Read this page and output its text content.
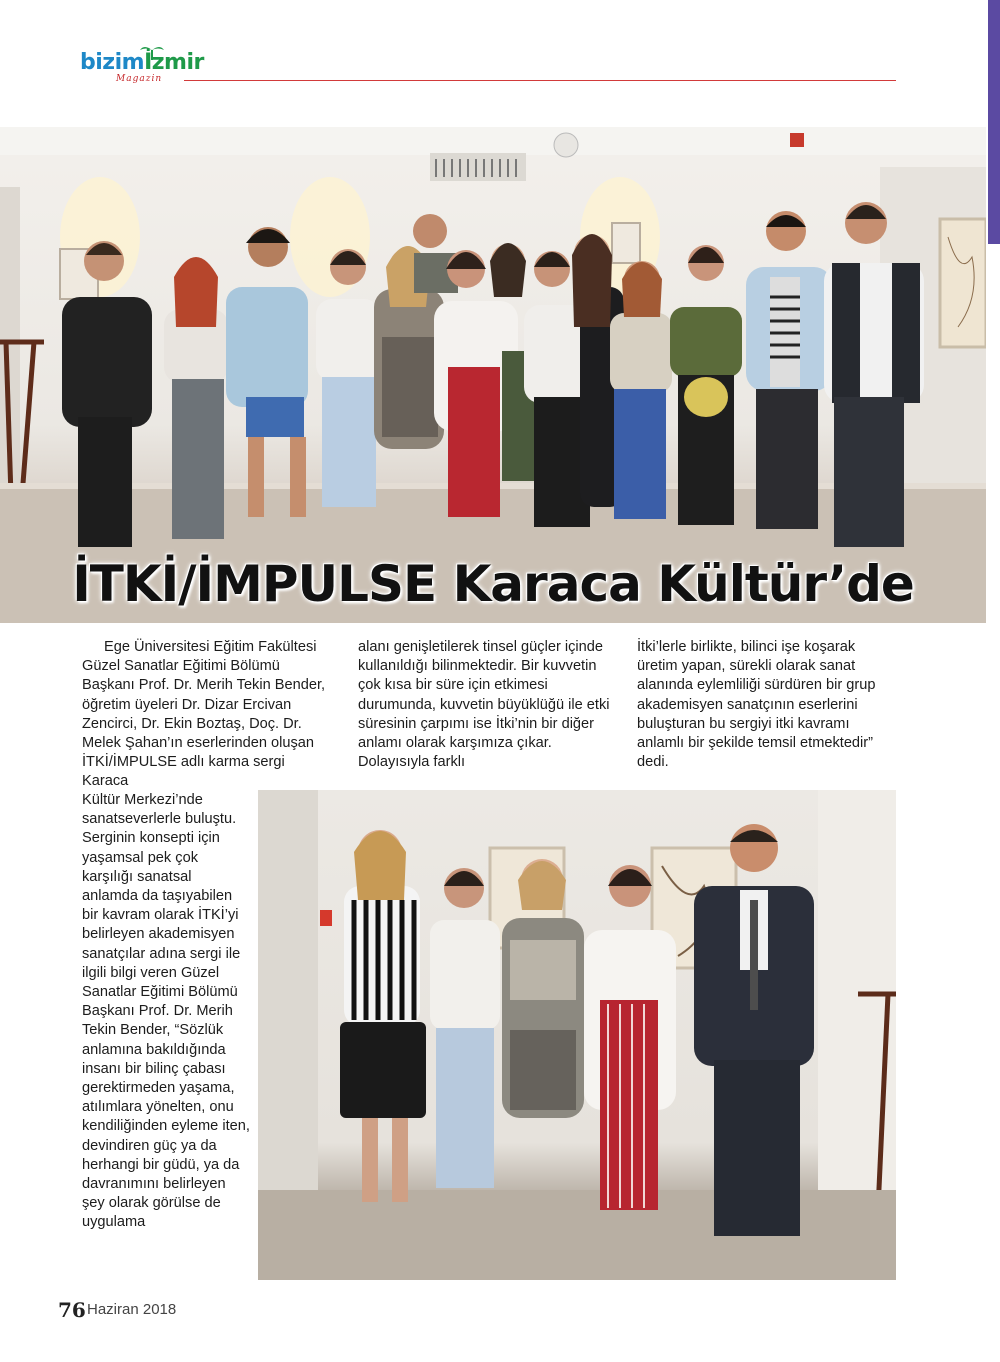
bizimİzmir
Magazin
İTKİ/İMPULSE Karaca Kültür’de

Ege Üniversitesi Eğitim Fakültesi Güzel Sanatlar Eğitimi Bölümü Başkanı Prof. Dr. Merih Tekin Bender, öğretim üyeleri Dr. Dizar Ercivan Zencirci, Dr. Ekin Boztaş, Doç. Dr. Melek Şahan’ın eserlerinden oluşan İTKİ/İMPULSE adlı karma sergi Karaca

Kültür Merkezi’nde sanatseverlerle buluştu. Serginin konsepti için yaşamsal pek çok karşılığı sanatsal anlamda da taşıyabilen bir kavram olarak İTKİ’yi belirleyen akademisyen sanatçılar adına sergi ile ilgili bilgi veren Güzel Sanatlar Eğitimi Bölümü Başkanı Prof. Dr. Merih Tekin Bender, “Sözlük anlamına bakıldığında insanı bir bilinç çabası gerektirmeden yaşama, atılımlara yönelten, onu kendiliğinden eyleme iten, devindiren güç ya da herhangi bir güdü, ya da davranımını belirleyen şey olarak görülse de uygulama

alanı genişletilerek tinsel güçler içinde kullanıldığı bilinmektedir. Bir kuvvetin çok kısa bir süre için etkimesi durumunda, kuvvetin büyüklüğü ile etki süresinin çarpımı ise İtki’nin bir diğer anlamı olarak karşımıza çıkar. Dolayısıyla farklı

İtki’lerle birlikte, bilinci işe koşarak üretim yapan, sürekli olarak sanat alanında eylemliliği sürdüren bir grup akademisyen sanatçının eserlerini buluşturan bu sergiyi itki kavramı anlamlı bir şekilde temsil etmektedir” dedi.

76 Haziran 2018
